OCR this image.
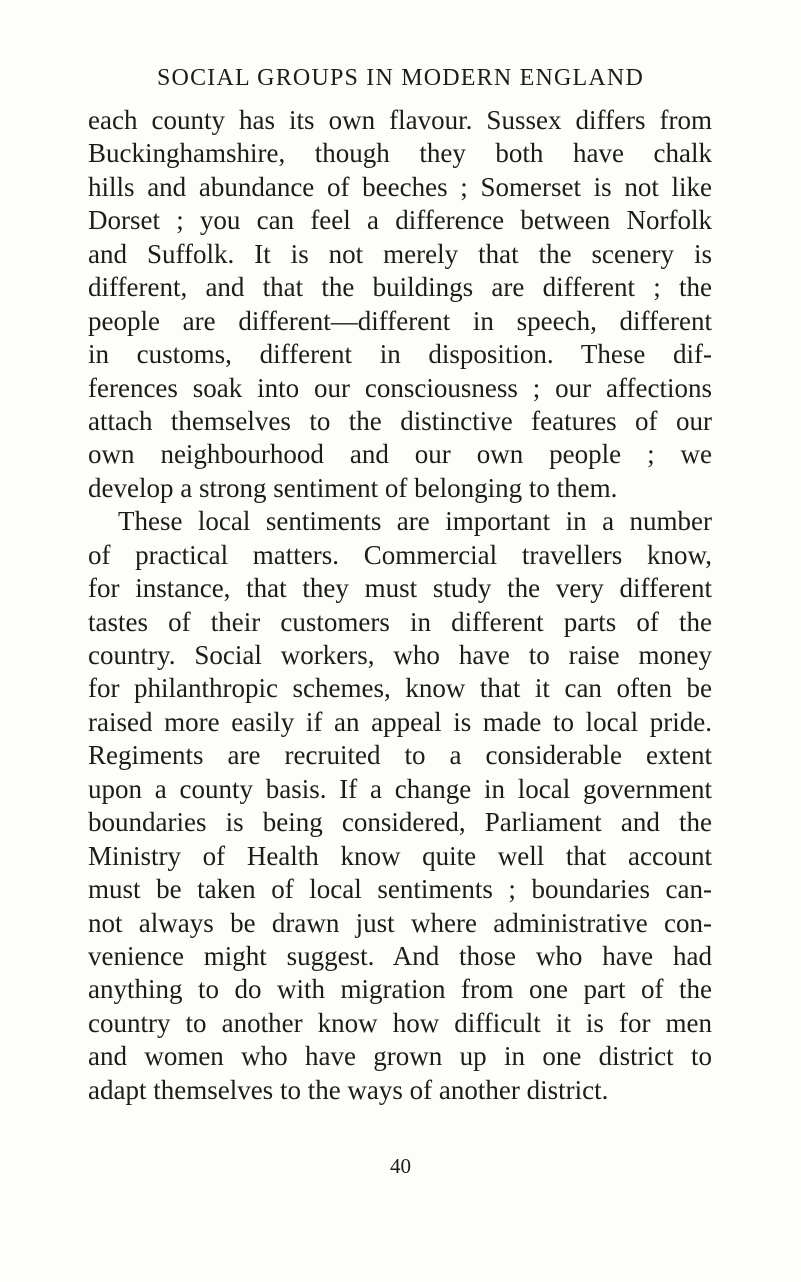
SOCIAL GROUPS IN MODERN ENGLAND
each county has its own flavour. Sussex differs from
Buckinghamshire, though they both have chalk
hills and abundance of beeches ; Somerset is not like
Dorset ; you can feel a difference between Norfolk
and Suffolk. It is not merely that the scenery is
different, and that the buildings are different ; the
people are different—different in speech, different
in customs, different in disposition. These dif-
ferences soak into our consciousness ; our affections
attach themselves to the distinctive features of our
own neighbourhood and our own people ; we
develop a strong sentiment of belonging to them.
These local sentiments are important in a number
of practical matters. Commercial travellers know,
for instance, that they must study the very different
tastes of their customers in different parts of the
country. Social workers, who have to raise money
for philanthropic schemes, know that it can often be
raised more easily if an appeal is made to local pride.
Regiments are recruited to a considerable extent
upon a county basis. If a change in local government
boundaries is being considered, Parliament and the
Ministry of Health know quite well that account
must be taken of local sentiments ; boundaries can-
not always be drawn just where administrative con-
venience might suggest. And those who have had
anything to do with migration from one part of the
country to another know how difficult it is for men
and women who have grown up in one district to
adapt themselves to the ways of another district.
40
